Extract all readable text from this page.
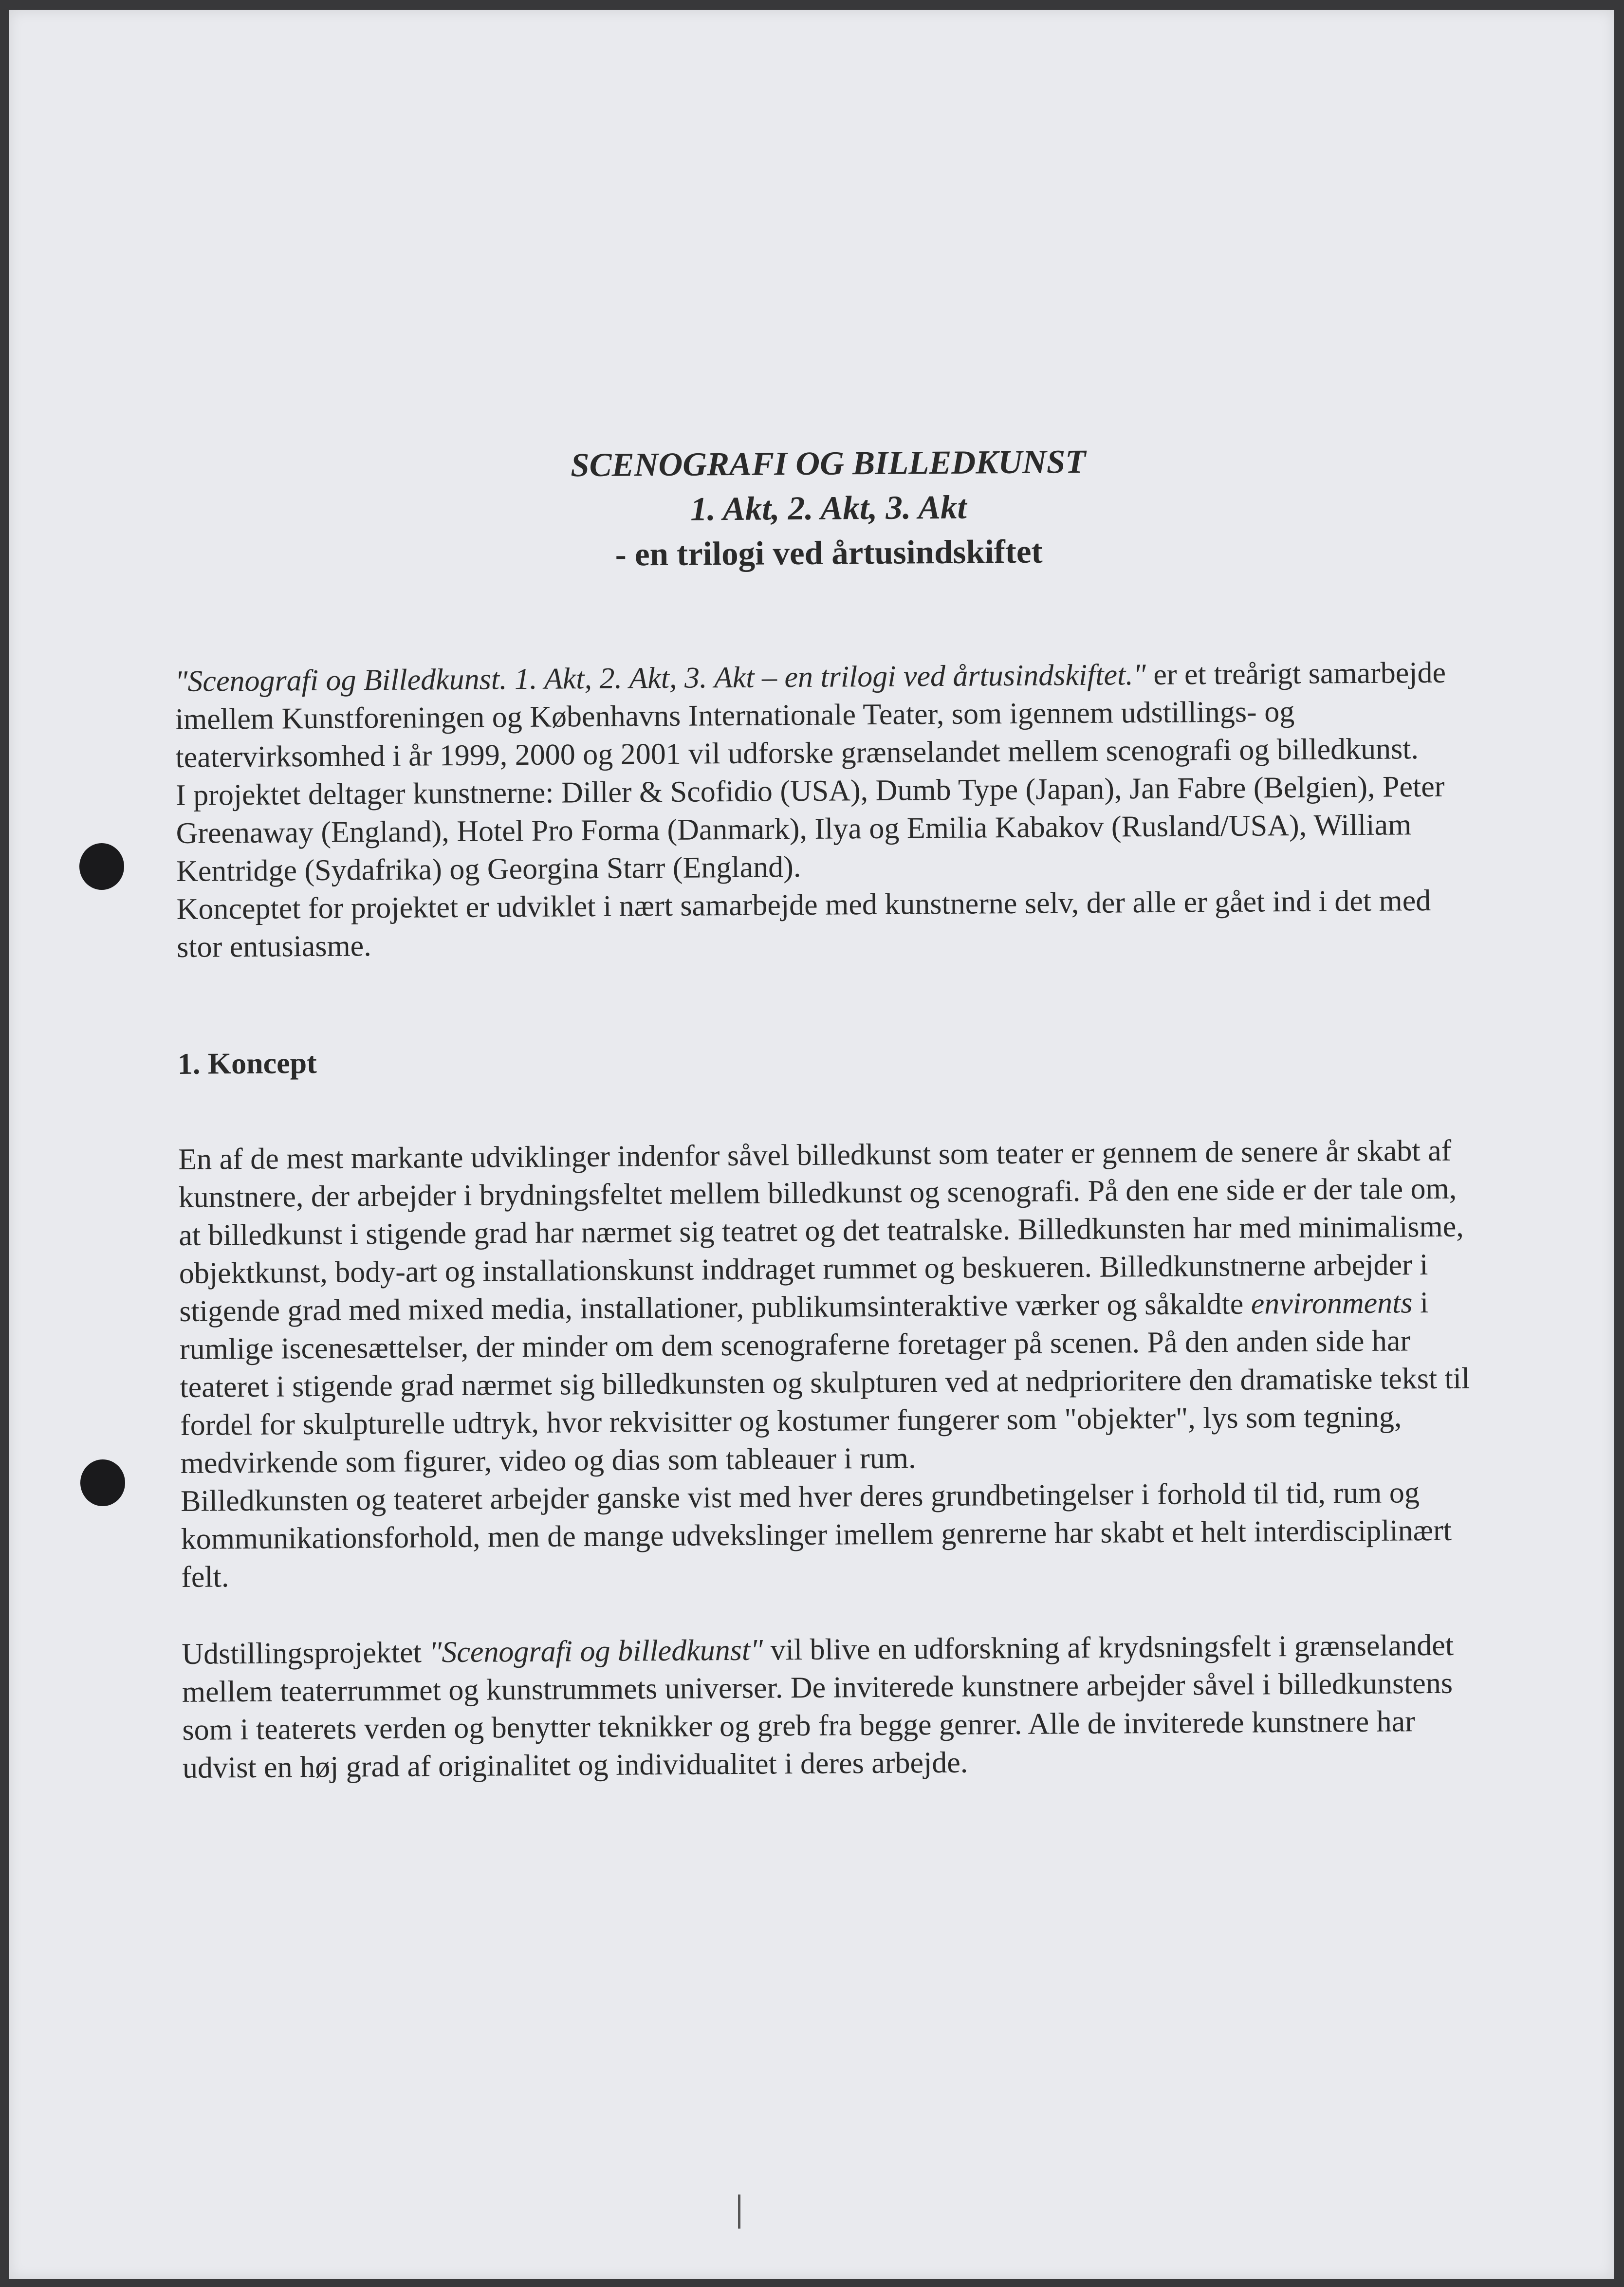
SCENOGRAFI OG BILLEDKUNST

1. Akt, 2. Akt, 3. Akt

- en trilogi ved årtusindskiftet

"Scenografi og Billedkunst. 1. Akt, 2. Akt, 3. Akt – en trilogi ved årtusindskiftet." er et treårigt samarbejde imellem Kunstforeningen og Københavns Internationale Teater, som igennem udstillings- og teatervirksomhed i år 1999, 2000 og 2001 vil udforske grænselandet mellem scenografi og billedkunst.

I projektet deltager kunstnerne: Diller & Scofidio (USA), Dumb Type (Japan), Jan Fabre (Belgien), Peter Greenaway (England), Hotel Pro Forma (Danmark), Ilya og Emilia Kabakov (Rusland/USA), William Kentridge (Sydafrika) og Georgina Starr (England).

Konceptet for projektet er udviklet i nært samarbejde med kunstnerne selv, der alle er gået ind i det med stor entusiasme.

1. Koncept

En af de mest markante udviklinger indenfor såvel billedkunst som teater er gennem de senere år skabt af kunstnere, der arbejder i brydningsfeltet mellem billedkunst og scenografi. På den ene side er der tale om, at billedkunst i stigende grad har nærmet sig teatret og det teatralske. Billedkunsten har med minimalisme, objektkunst, body-art og installationskunst inddraget rummet og beskueren. Billedkunstnerne arbejder i stigende grad med mixed media, installationer, publikumsinteraktive værker og såkaldte environments i rumlige iscenesættelser, der minder om dem scenograferne foretager på scenen. På den anden side har teateret i stigende grad nærmet sig billedkunsten og skulpturen ved at nedprioritere den dramatiske tekst til fordel for skulpturelle udtryk, hvor rekvisitter og kostumer fungerer som "objekter", lys som tegning, medvirkende som figurer, video og dias som tableauer i rum.

Billedkunsten og teateret arbejder ganske vist med hver deres grundbetingelser i forhold til tid, rum og kommunikationsforhold, men de mange udvekslinger imellem genrerne har skabt et helt interdisciplinært felt.

Udstillingsprojektet "Scenografi og billedkunst" vil blive en udforskning af krydsningsfelt i grænselandet mellem teaterrummet og kunstrummets universer. De inviterede kunstnere arbejder såvel i billedkunstens som i teaterets verden og benytter teknikker og greb fra begge genrer. Alle de inviterede kunstnere har udvist en høj grad af originalitet og individualitet i deres arbejde.
